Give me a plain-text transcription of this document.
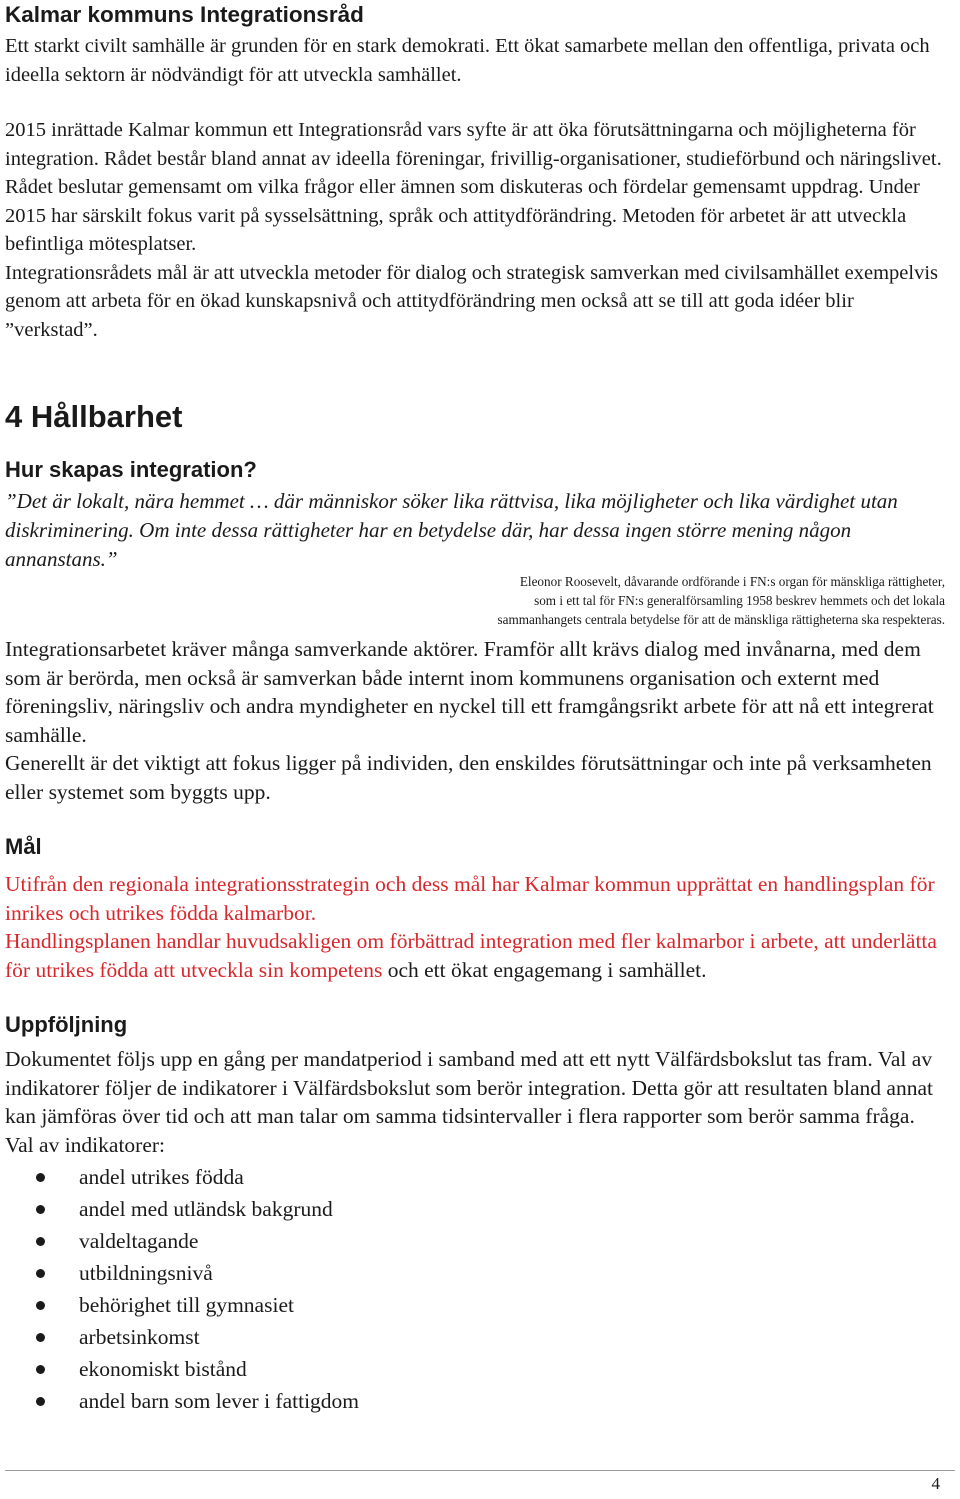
Kalmar kommuns Integrationsråd

Ett starkt civilt samhälle är grunden för en stark demokrati. Ett ökat samarbete mellan den offentliga, privata och ideella sektorn är nödvändigt för att utveckla samhället.

2015 inrättade Kalmar kommun ett Integrationsråd vars syfte är att öka förutsättningarna och möjligheterna för integration. Rådet består bland annat av ideella föreningar, frivillig-organisationer, studieförbund och näringslivet. Rådet beslutar gemensamt om vilka frågor eller ämnen som diskuteras och fördelar gemensamt uppdrag. Under 2015 har särskilt fokus varit på sysselsättning, språk och attitydförändring. Metoden för arbetet är att utveckla befintliga mötesplatser.

Integrationsrådets mål är att utveckla metoder för dialog och strategisk samverkan med civilsamhället exempelvis genom att arbeta för en ökad kunskapsnivå och attitydförändring men också att se till att goda idéer blir ”verkstad”.

4 Hållbarhet
Hur skapas integration?

”Det är lokalt, nära hemmet … där människor söker lika rättvisa, lika möjligheter och lika värdighet utan diskriminering. Om inte dessa rättigheter har en betydelse där, har dessa ingen större mening någon annanstans.”

Eleonor Roosevelt, dåvarande ordförande i FN:s organ för mänskliga rättigheter,

som i ett tal för FN:s generalförsamling 1958 beskrev hemmets och det lokala

sammanhangets centrala betydelse för att de mänskliga rättigheterna ska respekteras.

Integrationsarbetet kräver många samverkande aktörer. Framför allt krävs dialog med invånarna, med dem som är berörda, men också är samverkan både internt inom kommunens organisation och externt med föreningsliv, näringsliv och andra myndigheter en nyckel till ett framgångsrikt arbete för att nå ett integrerat samhälle.

Generellt är det viktigt att fokus ligger på individen, den enskildes förutsättningar och inte på verksamheten eller systemet som byggts upp.

Mål

Utifrån den regionala integrationsstrategin och dess mål har Kalmar kommun upprättat en handlingsplan för inrikes och utrikes födda kalmarbor.

Handlingsplanen handlar huvudsakligen om förbättrad integration med fler kalmarbor i arbete, att underlätta för utrikes födda att utveckla sin kompetens och ett ökat engagemang i samhället.

Uppföljning

Dokumentet följs upp en gång per mandatperiod i samband med att ett nytt Välfärdsbokslut tas fram. Val av indikatorer följer de indikatorer i Välfärdsbokslut som berör integration. Detta gör att resultaten bland annat kan jämföras över tid och att man talar om samma tidsintervaller i flera rapporter som berör samma fråga.

Val av indikatorer:

andel utrikes födda
andel med utländsk bakgrund
valdeltagande
utbildningsnivå
behörighet till gymnasiet
arbetsinkomst
ekonomiskt bistånd
andel barn som lever i fattigdom
4
